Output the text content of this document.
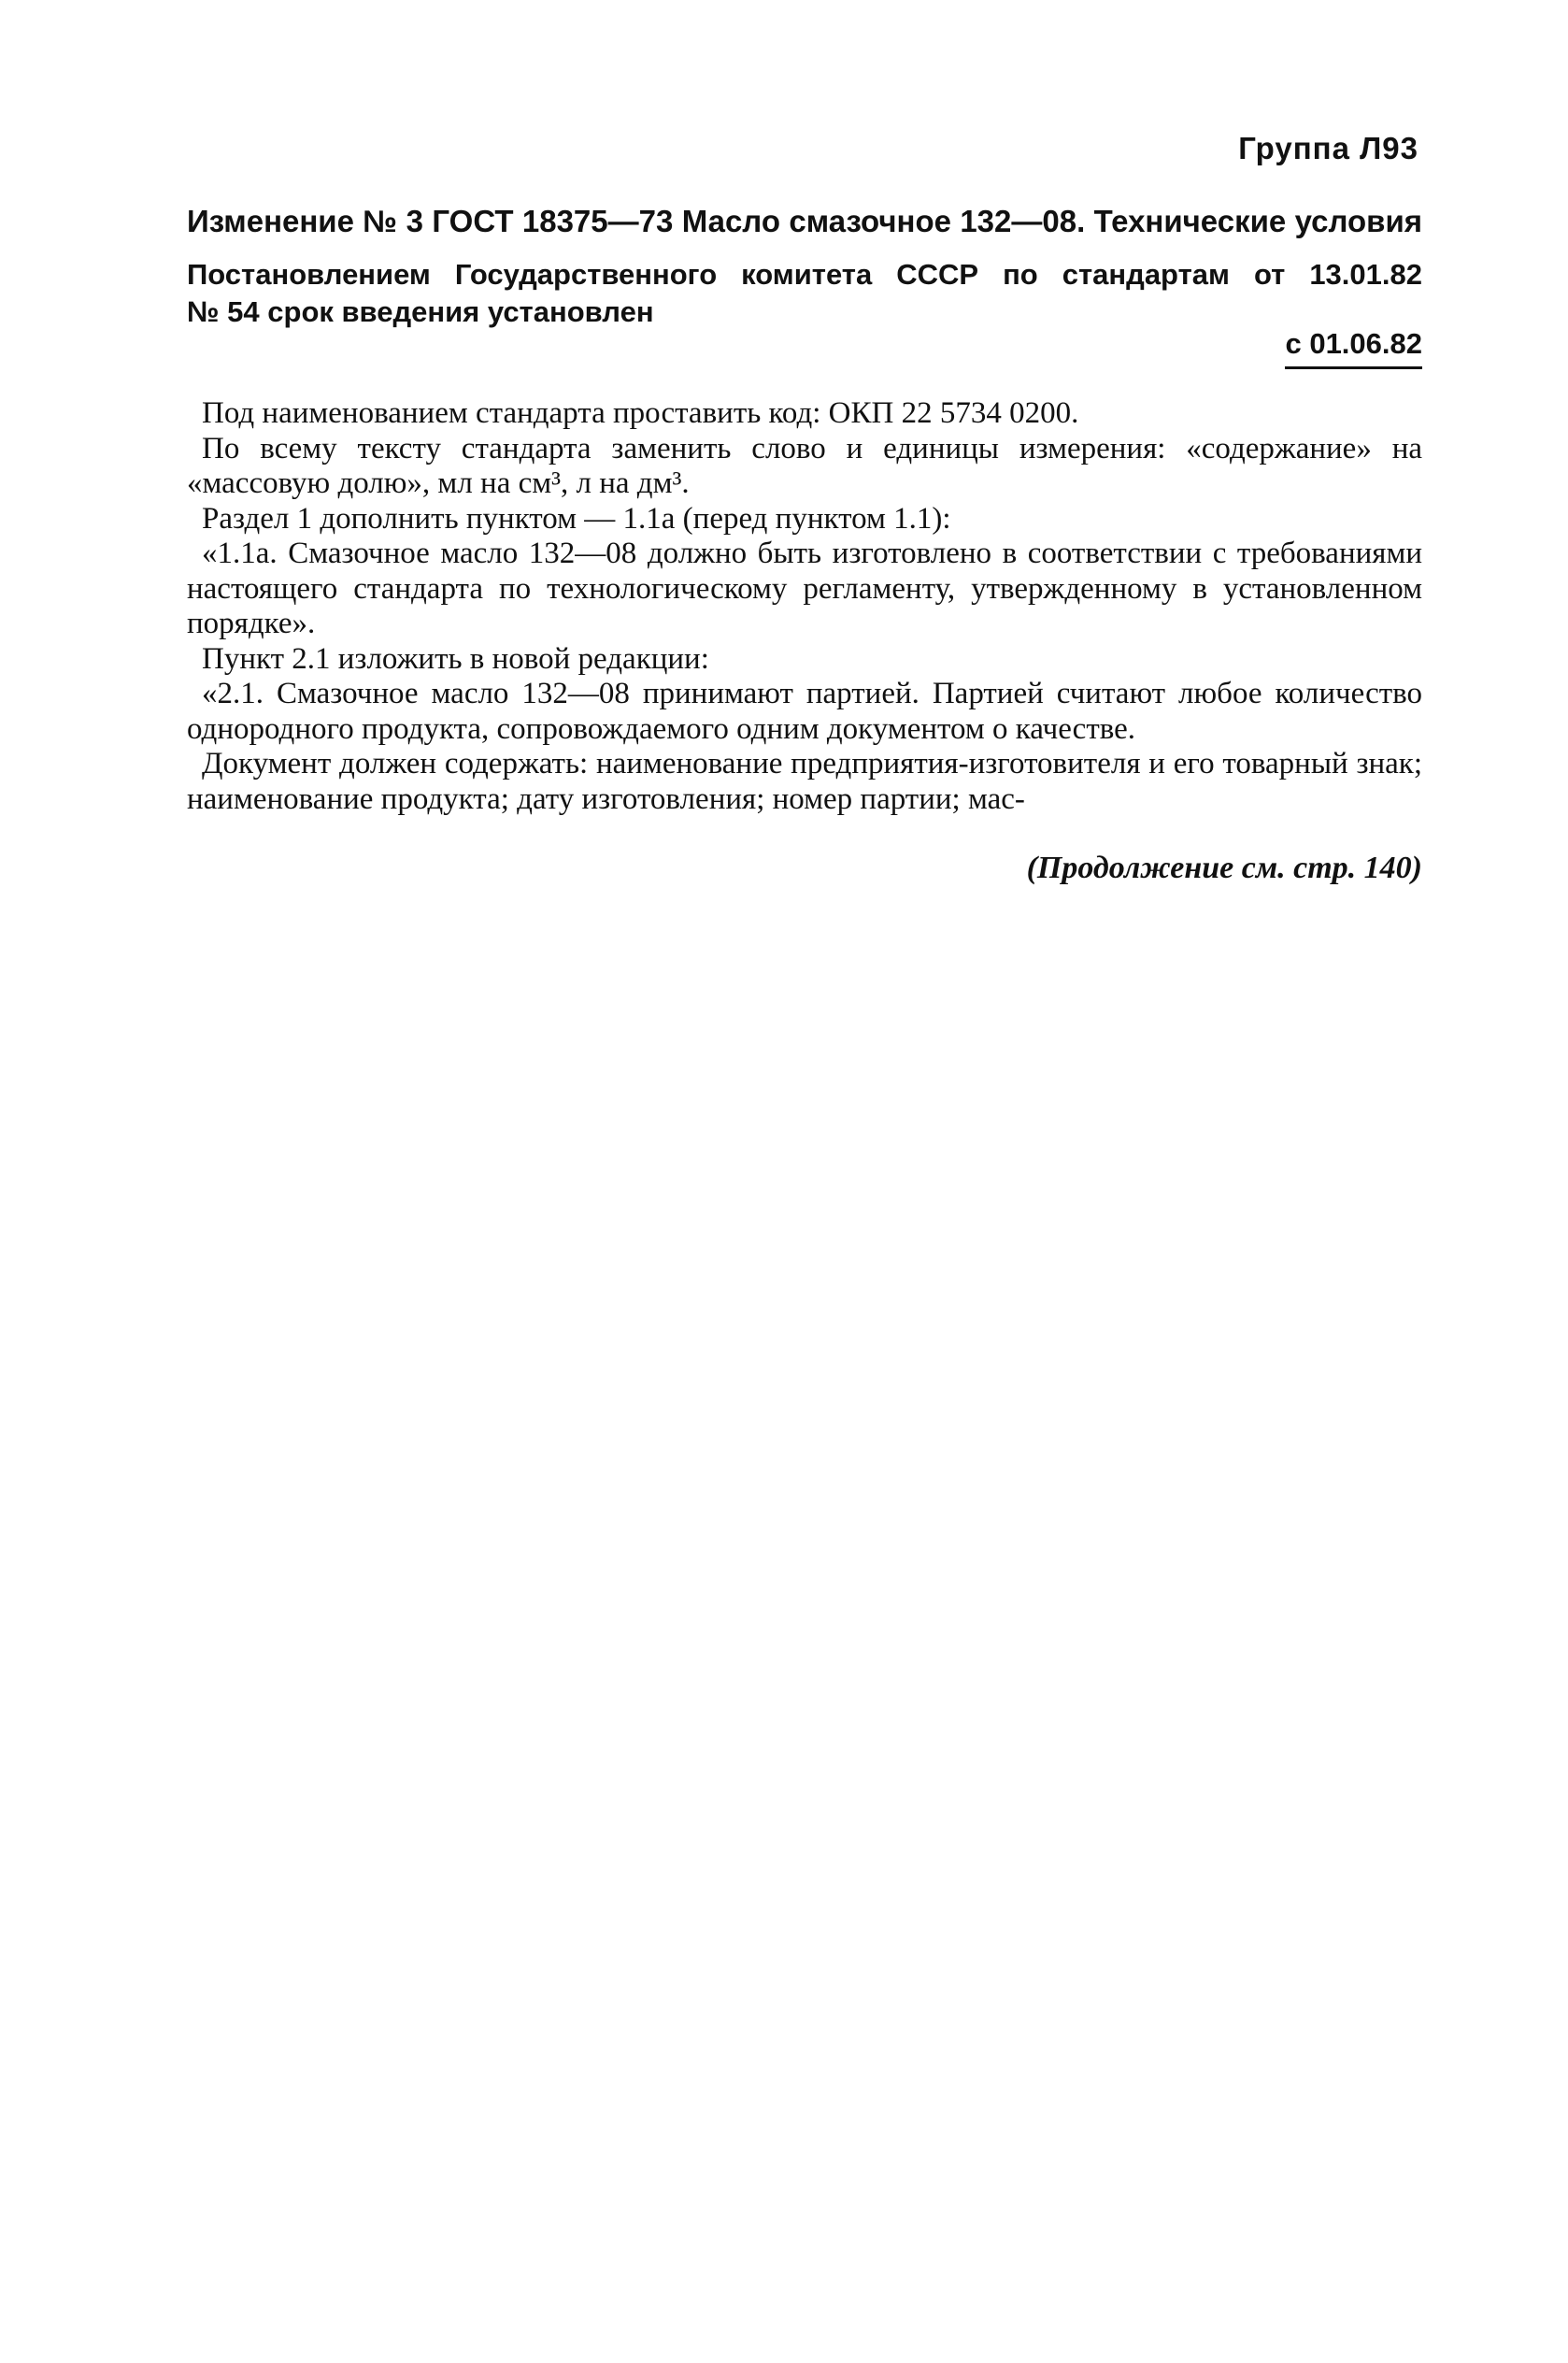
Группа Л93
Изменение № 3 ГОСТ 18375—73 Масло смазочное 132—08. Технические условия
Постановлением Государственного комитета СССР по стандартам от 13.01.82
№ 54 срок введения установлен
с 01.06.82

Под наименованием стандарта проставить код: ОКП 22 5734 0200.

По всему тексту стандарта заменить слово и единицы измерения: «содержание» на «массовую долю», мл на см³, л на дм³.

Раздел 1 дополнить пунктом — 1.1а (перед пунктом 1.1):

«1.1а. Смазочное масло 132—08 должно быть изготовлено в соответствии с требованиями настоящего стандарта по технологическому регламенту, утвержденному в установленном порядке».

Пункт 2.1 изложить в новой редакции:

«2.1. Смазочное масло 132—08 принимают партией. Партией считают любое количество однородного продукта, сопровождаемого одним документом о качестве.

Документ должен содержать: наименование предприятия-изготовителя и его товарный знак; наименование продукта; дату изготовления; номер партии; мас-

(Продолжение см. стр. 140)
